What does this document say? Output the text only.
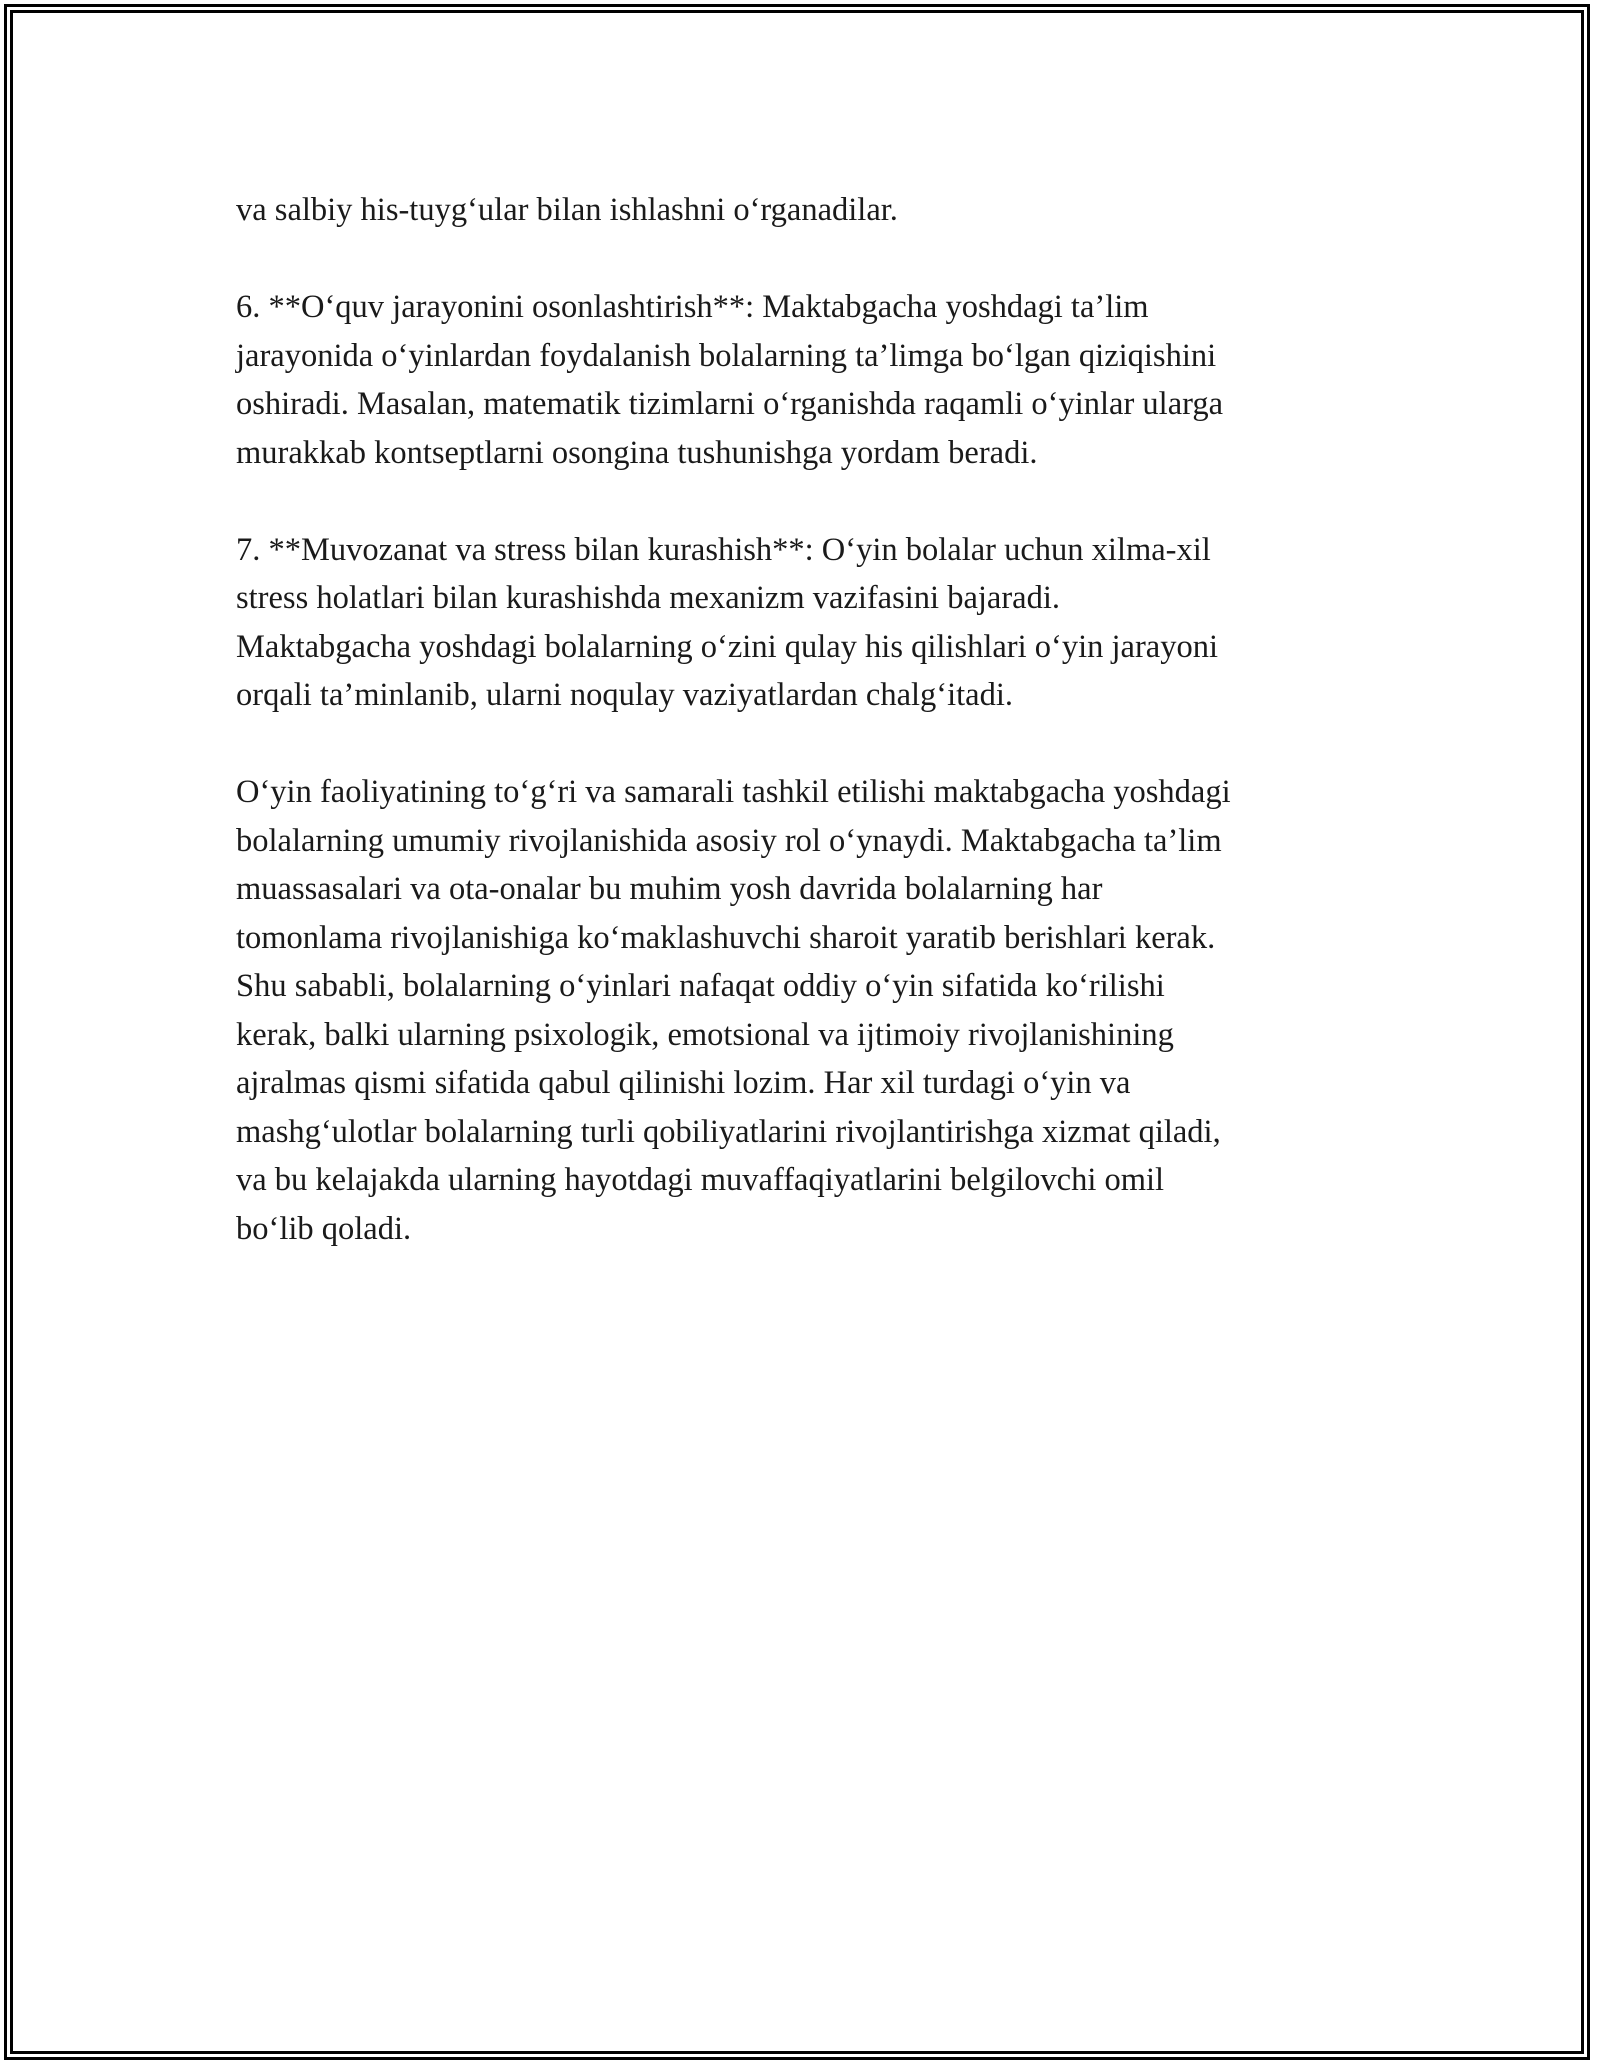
va salbiy his-tuyg‘ular bilan ishlashni o‘rganadilar.
6. **O‘quv jarayonini osonlashtirish**: Maktabgacha yoshdagi ta’lim
jarayonida o‘yinlardan foydalanish bolalarning ta’limga bo‘lgan qiziqishini
oshiradi. Masalan, matematik tizimlarni o‘rganishda raqamli o‘yinlar ularga
murakkab kontseptlarni osongina tushunishga yordam beradi.
7. **Muvozanat va stress bilan kurashish**: O‘yin bolalar uchun xilma-xil
stress holatlari bilan kurashishda mexanizm vazifasini bajaradi.
Maktabgacha yoshdagi bolalarning o‘zini qulay his qilishlari o‘yin jarayoni
orqali ta’minlanib, ularni noqulay vaziyatlardan chalg‘itadi.
O‘yin faoliyatining to‘g‘ri va samarali tashkil etilishi maktabgacha yoshdagi
bolalarning umumiy rivojlanishida asosiy rol o‘ynaydi. Maktabgacha ta’lim
muassasalari va ota-onalar bu muhim yosh davrida bolalarning har
tomonlama rivojlanishiga ko‘maklashuvchi sharoit yaratib berishlari kerak.
Shu sababli, bolalarning o‘yinlari nafaqat oddiy o‘yin sifatida ko‘rilishi
kerak, balki ularning psixologik, emotsional va ijtimoiy rivojlanishining
ajralmas qismi sifatida qabul qilinishi lozim. Har xil turdagi o‘yin va
mashg‘ulotlar bolalarning turli qobiliyatlarini rivojlantirishga xizmat qiladi,
va bu kelajakda ularning hayotdagi muvaffaqiyatlarini belgilovchi omil
bo‘lib qoladi.
